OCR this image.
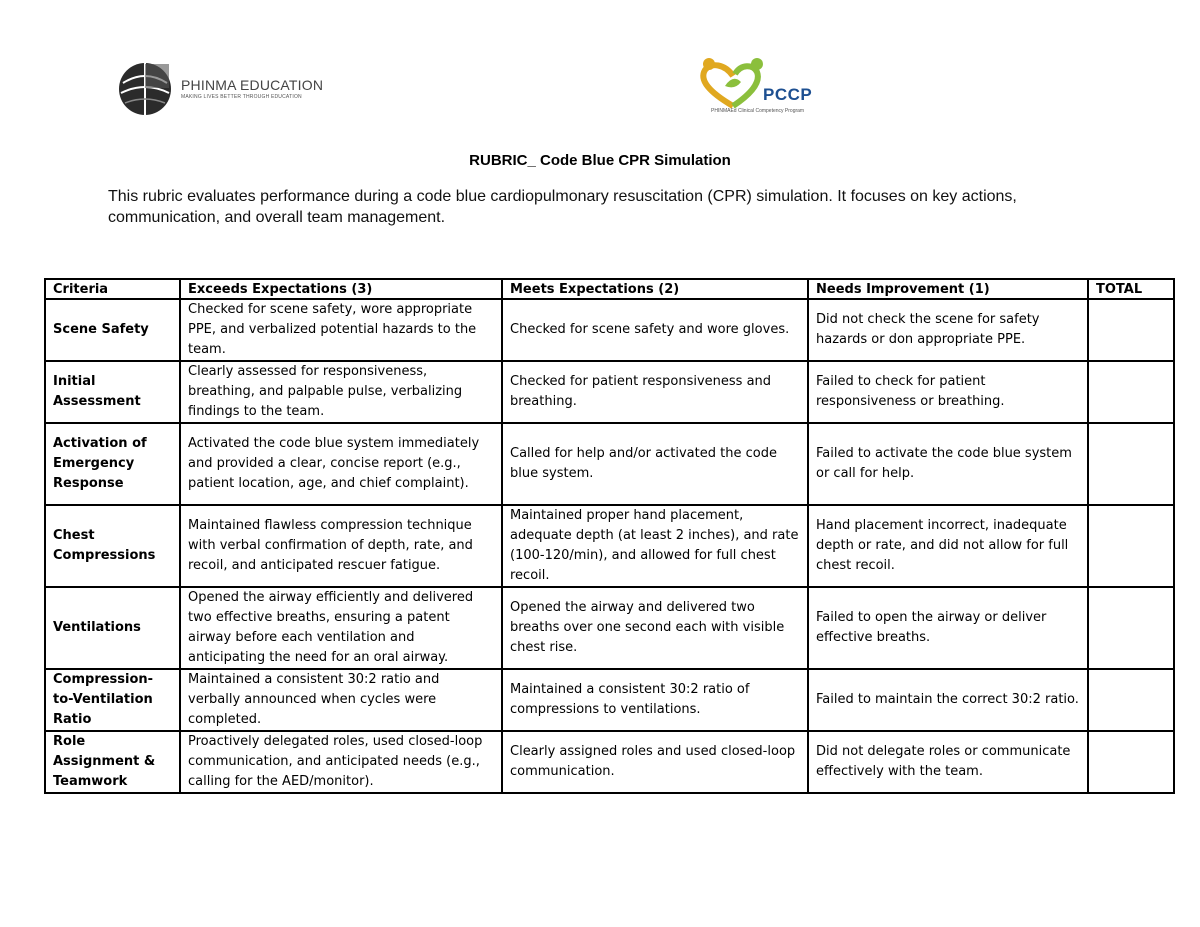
PHINMA EDUCATION
MAKING LIVES BETTER THROUGH EDUCATION	PCCP
PHINMAEd Clinical Competency Program
RUBRIC_ Code Blue CPR Simulation
This rubric evaluates performance during a code blue cardiopulmonary resuscitation (CPR) simulation. It focuses on key actions, communication, and overall team management.
Criteria	Exceeds Expectations (3)	Meets Expectations (2)	Needs Improvement (1)	TOTAL
Scene Safety	Checked for scene safety, wore appropriate PPE, and verbalized potential hazards to the team.	Checked for scene safety and wore gloves.	Did not check the scene for safety hazards or don appropriate PPE.	
Initial Assessment	Clearly assessed for responsiveness, breathing, and palpable pulse, verbalizing findings to the team.	Checked for patient responsiveness and breathing.	Failed to check for patient responsiveness or breathing.	
Activation of Emergency Response	Activated the code blue system immediately and provided a clear, concise report (e.g., patient location, age, and chief complaint).	Called for help and/or activated the code blue system.	Failed to activate the code blue system or call for help.	
Chest Compressions	Maintained flawless compression technique with verbal confirmation of depth, rate, and recoil, and anticipated rescuer fatigue.	Maintained proper hand placement, adequate depth (at least 2 inches), and rate (100-120/min), and allowed for full chest recoil.	Hand placement incorrect, inadequate depth or rate, and did not allow for full chest recoil.	
Ventilations	Opened the airway efficiently and delivered two effective breaths, ensuring a patent airway before each ventilation and anticipating the need for an oral airway.	Opened the airway and delivered two breaths over one second each with visible chest rise.	Failed to open the airway or deliver effective breaths.	
Compression-to-Ventilation Ratio	Maintained a consistent 30:2 ratio and verbally announced when cycles were completed.	Maintained a consistent 30:2 ratio of compressions to ventilations.	Failed to maintain the correct 30:2 ratio.	
Role Assignment & Teamwork	Proactively delegated roles, used closed-loop communication, and anticipated needs (e.g., calling for the AED/monitor).	Clearly assigned roles and used closed-loop communication.	Did not delegate roles or communicate effectively with the team.	
